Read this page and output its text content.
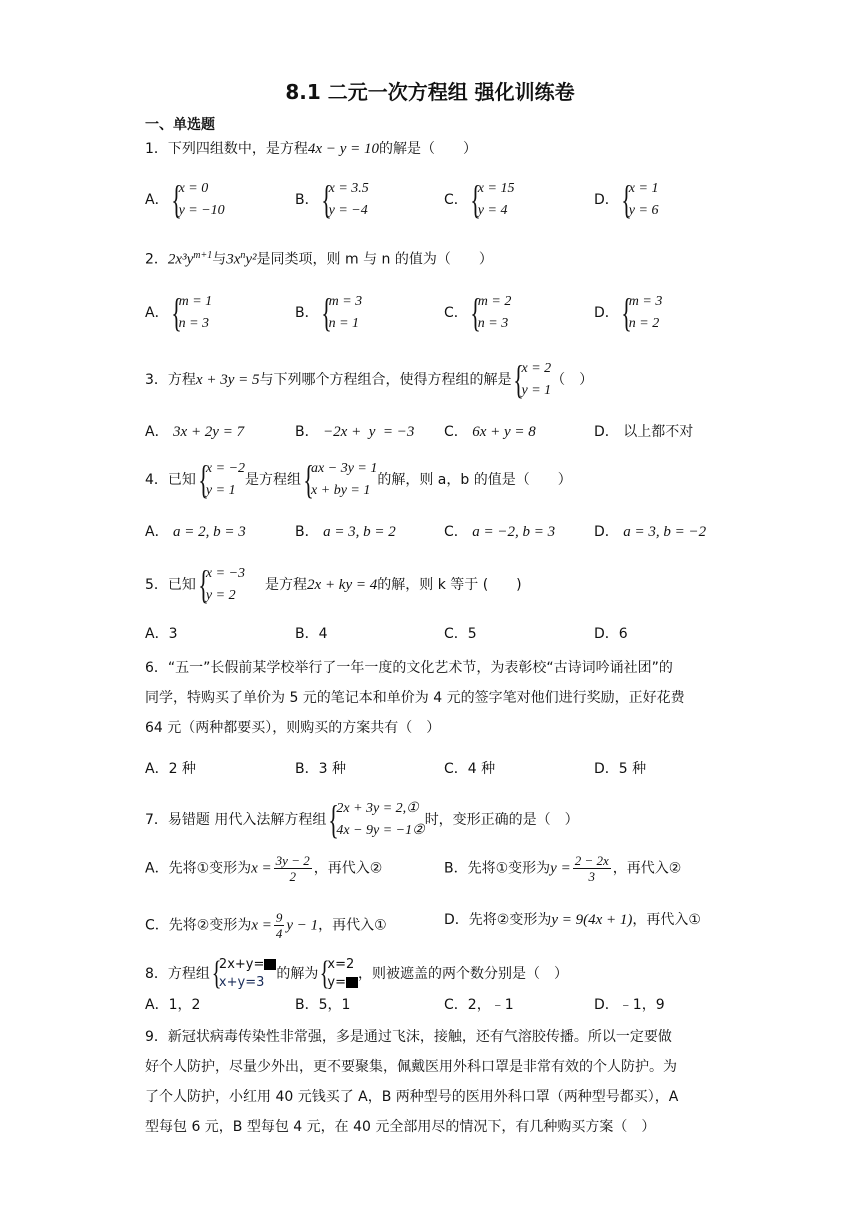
8.1 二元一次方程组 强化训练卷
一、单选题
1．下列四组数中，是方程4x − y = 10的解是（　　）
A． {
x = 0
y = −10
B． {
x = 3.5
y = −4
C． {
x = 15
y = 4
D． {
x = 1
y = 6
2．$2x^3y^{m+1}$与$3x^ny^2$是同类项，则 m 与 n 的值为（　　）
A． {
m = 1
n = 3
B． {
m = 3
n = 1
C． {
m = 2
n = 3
D． {
m = 3
n = 2
3．方程x + 3y = 5与下列哪个方程组合，使得方程组的解是 {
x = 2
y = 1
（　）
A． 3x + 2y = 7	B． −2x +  y  = −3 C． 6x + y = 8	D． 以上都不对
4．已知 {
x = −2
y = 1
是方程组 {
ax − 3y = 1
x + by = 1
的解，则 a，b 的值是（　　）
A． a = 2, b = 3	B． a = 3, b = 2	C． a = −2, b = 3	D． a = 3, b = −2
5．已知 {
x = −3
y = 2
是方程2x + ky = 4的解，则 k 等于 (　　)
A．3	B．4	C．5	D．6
6．“五一”长假前某学校举行了一年一度的文化艺术节，为表彰校“古诗词吟诵社团”的
同学，特购买了单价为 5 元的笔记本和单价为 4 元的签字笔对他们进行奖励，正好花费
64 元（两种都要买），则购买的方案共有（　）
A．2 种	B．3 种	C．4 种	D．5 种
7．易错题 用代入法解方程组 {
2x + 3y = 2,①
4x − 9y = −1②
时，变形正确的是（　）
A．先将①变形为$x = \frac{3y - 2}{2}$ ，再代入②	B．先将①变形为$y = \frac{2 - 2x}{3}$ ，再代入②
C．先将②变形为$x = \frac{9}{4}$ y − 1，再代入①	D．先将②变形为y = 9(4x + 1)，再代入①
8．方程组 {
2x+y=
x+y=3
的解为 {
x=2
y=
，则被遮盖的两个数分别是（　）
A．1，2	B．5，1	C．2，﹣1	D．﹣1，9
9．新冠状病毒传染性非常强，多是通过飞沫，接触，还有气溶胶传播。所以一定要做
好个人防护，尽量少外出，更不要聚集，佩戴医用外科口罩是非常有效的个人防护。为
了个人防护，小红用 40 元钱买了 A，B 两种型号的医用外科口罩（两种型号都买），A
型每包 6 元，B 型每包 4 元，在 40 元全部用尽的情况下，有几种购买方案（　）
